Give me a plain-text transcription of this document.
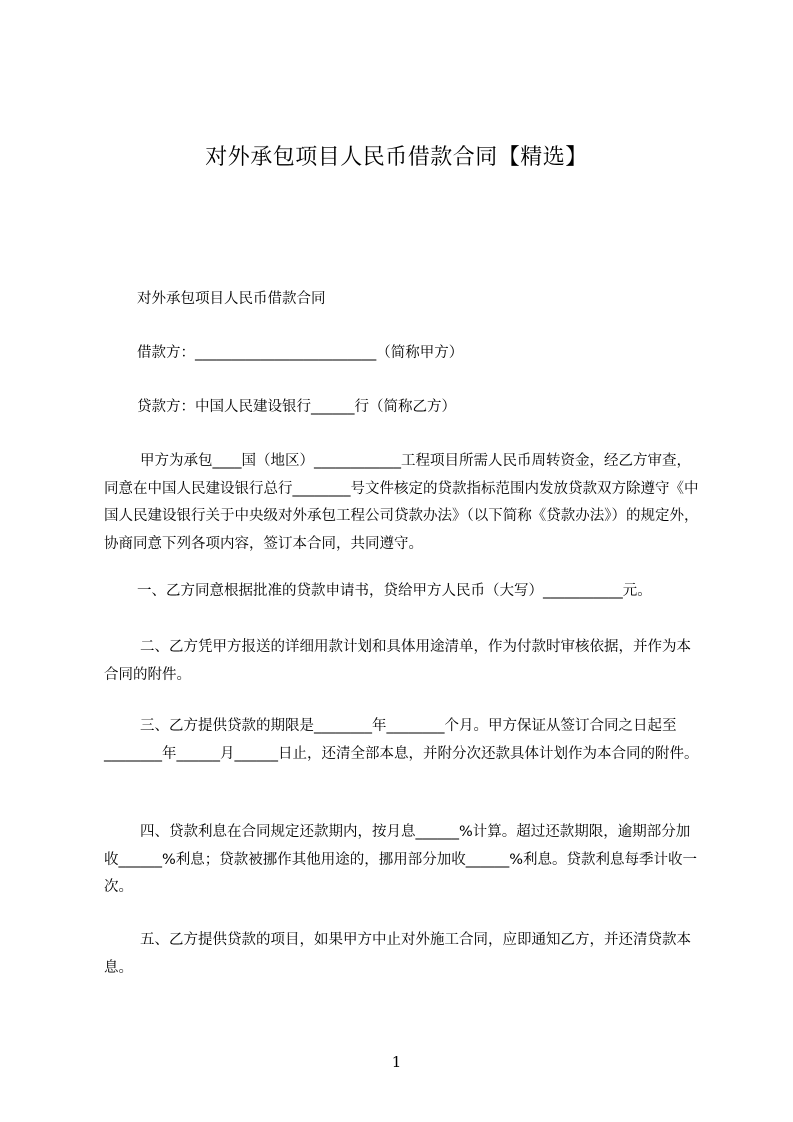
对外承包项目人民币借款合同【精选】
对外承包项目人民币借款合同
借款方：_________________________（简称甲方）
贷款方：中国人民建设银行______行（简称乙方）
甲方为承包____国（地区）____________工程项目所需人民币周转资金，经乙方审查，同意在中国人民建设银行总行________号文件核定的贷款指标范围内发放贷款双方除遵守《中国人民建设银行关于中央级对外承包工程公司贷款办法》（以下简称《贷款办法》）的规定外，协商同意下列各项内容，签订本合同，共同遵守。
一、乙方同意根据批准的贷款申请书，贷给甲方人民币（大写）___________元。
二、乙方凭甲方报送的详细用款计划和具体用途清单，作为付款时审核依据，并作为本合同的附件。
三、乙方提供贷款的期限是________年________个月。甲方保证从签订合同之日起至________年______月______日止，还清全部本息，并附分次还款具体计划作为本合同的附件。
四、贷款利息在合同规定还款期内，按月息______%计算。超过还款期限，逾期部分加收______%利息；贷款被挪作其他用途的，挪用部分加收______%利息。贷款利息每季计收一次。
五、乙方提供贷款的项目，如果甲方中止对外施工合同，应即通知乙方，并还清贷款本息。
1
